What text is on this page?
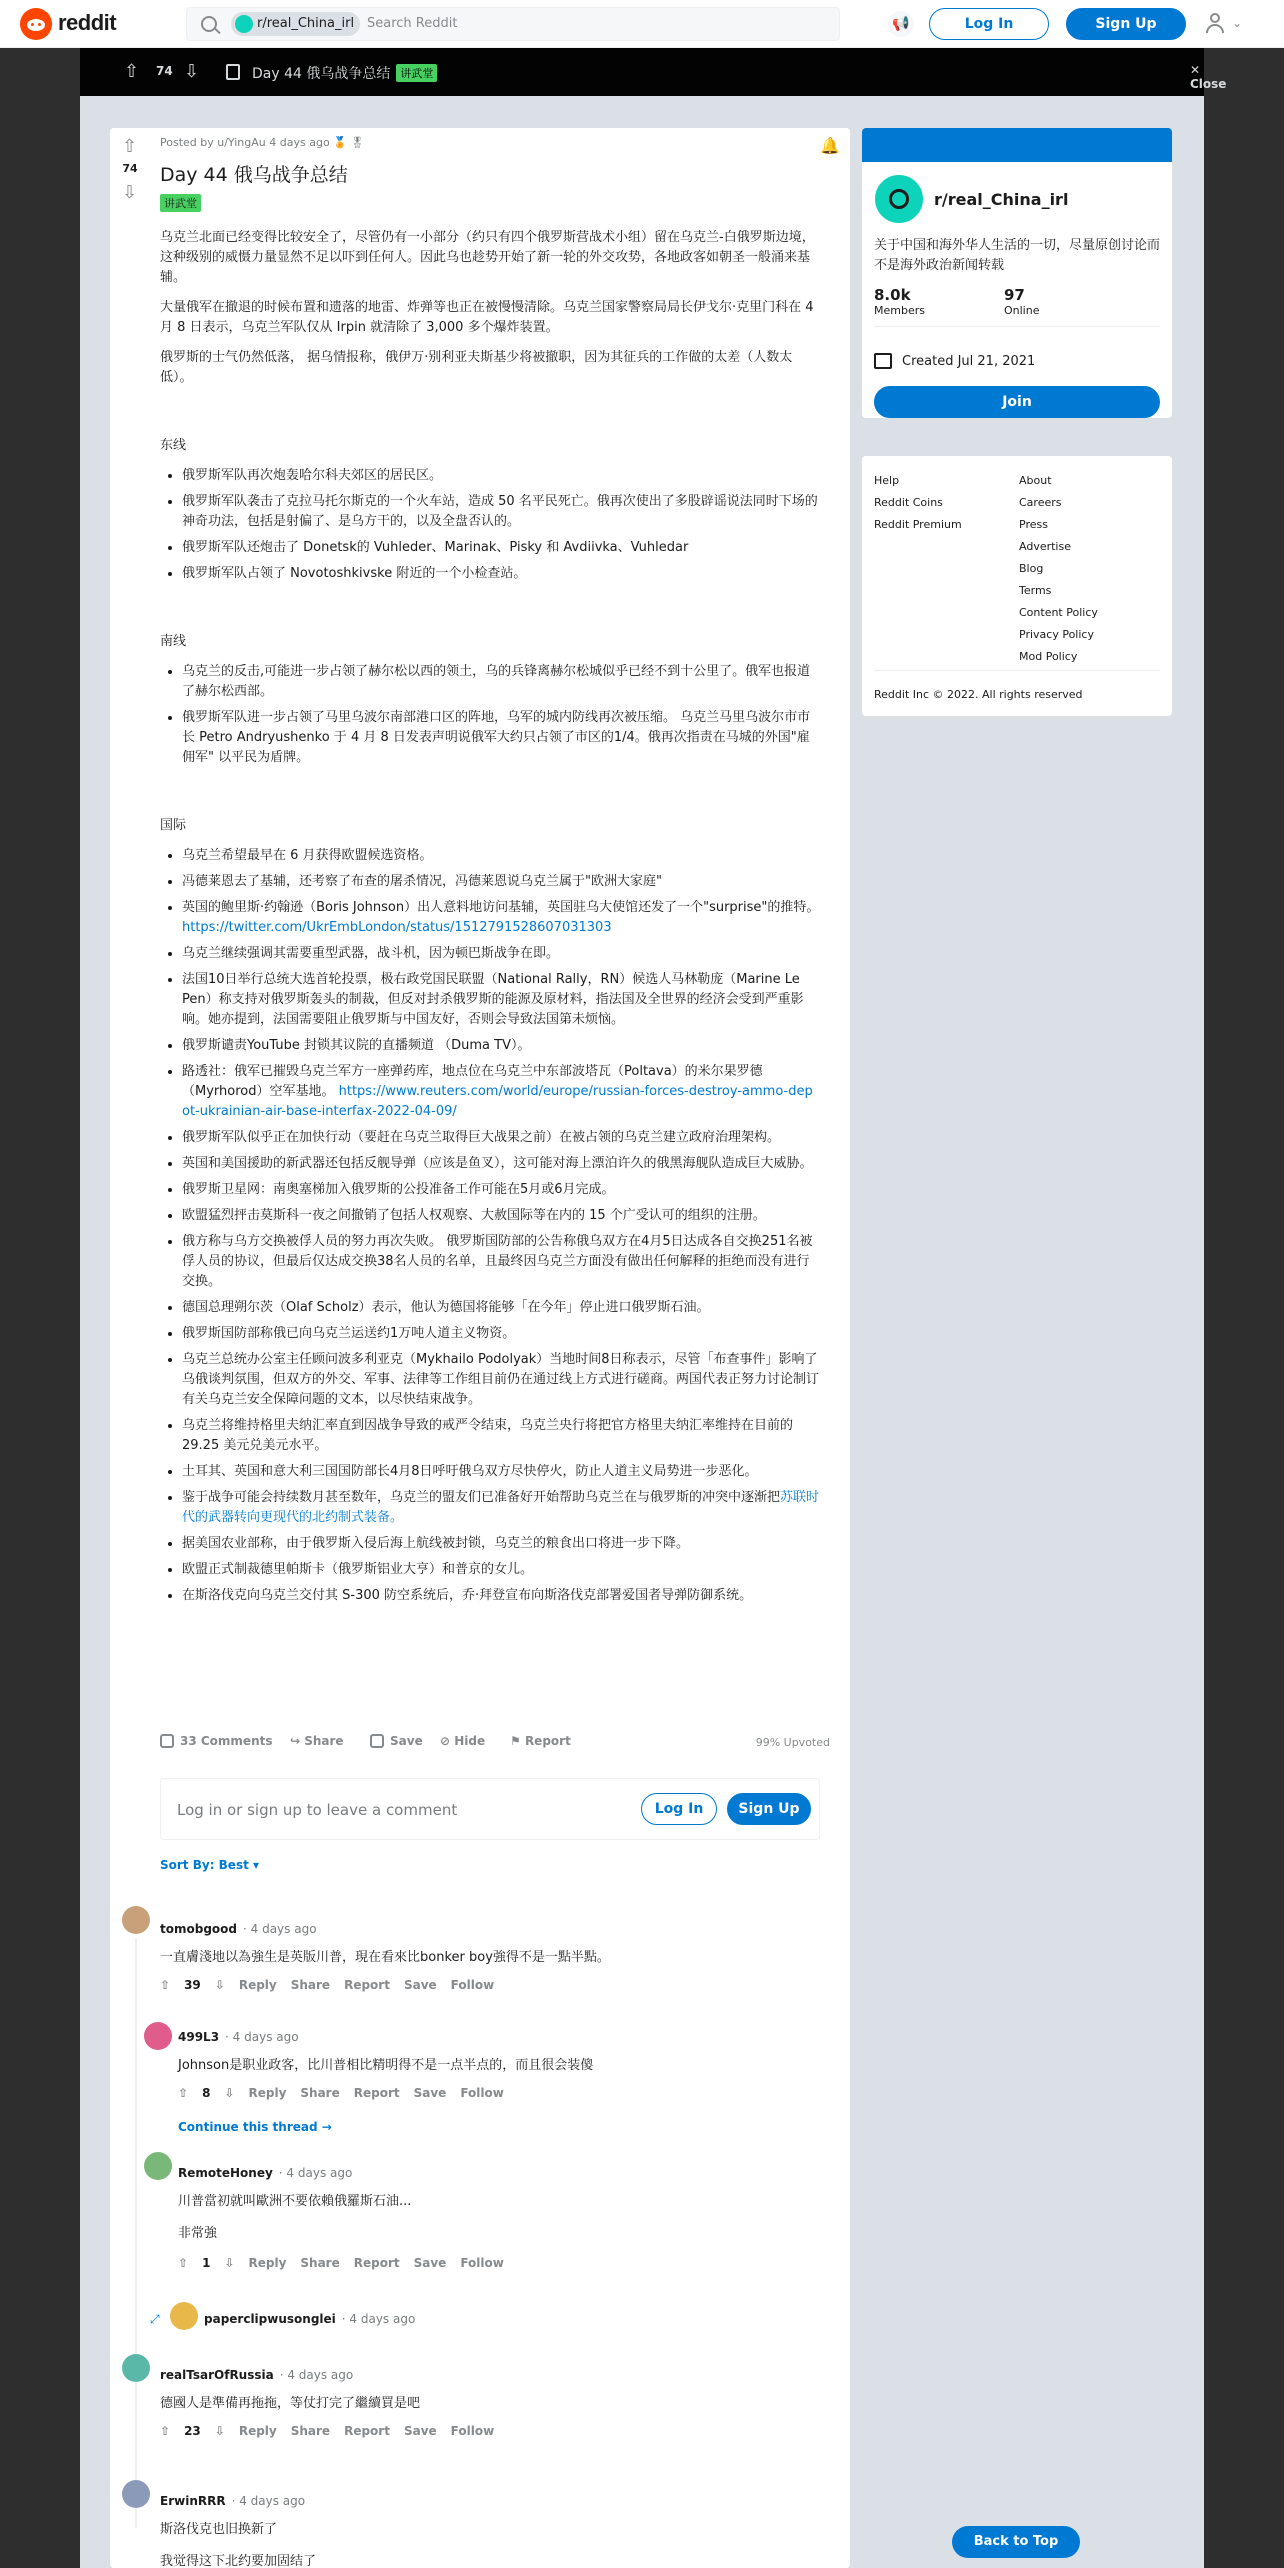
reddit	r/real_China_irl Search Reddit	📢	Log In	Sign Up	⌄
⇧ 74 ⇩	Day 44 俄乌战争总结 讲武堂	✕ Close
⇧
74
⇩
Posted by u/YingAu 4 days ago 🏅 🎖	🔔
Day 44 俄乌战争总结
讲武堂

乌克兰北面已经变得比较安全了，尽管仍有一小部分（约只有四个俄罗斯营战术小组）留在乌克兰-白俄罗斯边境，这种级别的威慑力量显然不足以吓到任何人。因此乌也趁势开始了新一轮的外交攻势，各地政客如朝圣一般涌来基辅。

大量俄军在撤退的时候布置和遗落的地雷、炸弹等也正在被慢慢清除。乌克兰国家警察局局长伊戈尔·克里门科在 4 月 8 日表示，乌克兰军队仅从 Irpin 就清除了 3,000 多个爆炸装置。

俄罗斯的士气仍然低落， 据乌情报称，俄伊万·别利亚夫斯基少将被撤职，因为其征兵的工作做的太差（人数太低）。

东线
• 俄罗斯军队再次炮轰哈尔科夫郊区的居民区。
• 俄罗斯军队袭击了克拉马托尔斯克的一个火车站，造成 50 名平民死亡。俄再次使出了多股辟谣说法同时下场的神奇功法，包括是射偏了、是乌方干的，以及全盘否认的。
• 俄罗斯军队还炮击了 Donetsk的 Vuhleder、Marinak、Pisky 和 Avdiivka、Vuhledar
• 俄罗斯军队占领了 Novotoshkivske 附近的一个小检查站。
南线
• 乌克兰的反击,可能进一步占领了赫尔松以西的领土，乌的兵锋离赫尔松城似乎已经不到十公里了。俄军也报道了赫尔松西部。
• 俄罗斯军队进一步占领了马里乌波尔南部港口区的阵地，乌军的城内防线再次被压缩。 乌克兰马里乌波尔市市长 Petro Andryushenko 于 4 月 8 日发表声明说俄军大约只占领了市区的1/4。俄再次指责在马城的外国"雇佣军" 以平民为盾牌。
国际
• 乌克兰希望最早在 6 月获得欧盟候选资格。
• 冯德莱恩去了基辅，还考察了布查的屠杀情况，冯德莱恩说乌克兰属于"欧洲大家庭"
• 英国的鲍里斯·约翰逊（Boris Johnson）出人意料地访问基辅，英国驻乌大使馆还发了一个"surprise"的推特。 https://twitter.com/UkrEmbLondon/status/1512791528607031303
• 乌克兰继续强调其需要重型武器，战斗机，因为顿巴斯战争在即。
• 法国10日举行总统大选首轮投票，极右政党国民联盟（National Rally，RN）候选人马林勒庞（Marine Le Pen）称支持对俄罗斯轰头的制裁，但反对封杀俄罗斯的能源及原材料，指法国及全世界的经济会受到严重影响。她亦提到，法国需要阻止俄罗斯与中国友好，否则会导致法国第未烦恼。
• 俄罗斯谴责YouTube 封锁其议院的直播频道 （Duma TV）。
• 路透社：俄军已摧毁乌克兰军方一座弹药库，地点位在乌克兰中东部波塔瓦（Poltava）的米尔果罗德（Myrhorod）空军基地。 https://www.reuters.com/world/europe/russian-forces-destroy-ammo-depot-ukrainian-air-base-interfax-2022-04-09/
• 俄罗斯军队似乎正在加快行动（要赶在乌克兰取得巨大战果之前）在被占领的乌克兰建立政府治理架构。
• 英国和美国援助的新武器还包括反舰导弹（应该是鱼叉），这可能对海上漂泊许久的俄黑海舰队造成巨大威胁。
• 俄罗斯卫星网：南奥塞梯加入俄罗斯的公投准备工作可能在5月或6月完成。
• 欧盟猛烈抨击莫斯科一夜之间撤销了包括人权观察、大赦国际等在内的 15 个广受认可的组织的注册。
• 俄方称与乌方交换被俘人员的努力再次失败。 俄罗斯国防部的公告称俄乌双方在4月5日达成各自交换251名被俘人员的协议，但最后仅达成交换38名人员的名单，且最终因乌克兰方面没有做出任何解释的拒绝而没有进行交换。
• 德国总理朔尔茨（Olaf Scholz）表示，他认为德国将能够「在今年」停止进口俄罗斯石油。
• 俄罗斯国防部称俄已向乌克兰运送约1万吨人道主义物资。
• 乌克兰总统办公室主任顾问波多利亚克（Mykhailo Podolyak）当地时间8日称表示，尽管「布查事件」影响了乌俄谈判氛围，但双方的外交、军事、法律等工作组目前仍在通过线上方式进行磋商。两国代表正努力讨论制订有关乌克兰安全保障问题的文本，以尽快结束战争。
• 乌克兰将维持格里夫纳汇率直到因战争导致的戒严令结束，乌克兰央行将把官方格里夫纳汇率维持在目前的 29.25 美元兑美元水平。
• 土耳其、英国和意大利三国国防部长4月8日呼吁俄乌双方尽快停火，防止人道主义局势进一步恶化。
• 鉴于战争可能会持续数月甚至数年，乌克兰的盟友们已准备好开始帮助乌克兰在与俄罗斯的冲突中逐渐把苏联时代的武器转向更现代的北约制式装备。
• 据美国农业部称，由于俄罗斯入侵后海上航线被封锁，乌克兰的粮食出口将进一步下降。
• 欧盟正式制裁德里帕斯卡（俄罗斯铝业大亨）和普京的女儿。
• 在斯洛伐克向乌克兰交付其 S-300 防空系统后，乔·拜登宣布向斯洛伐克部署爱国者导弹防御系统。
33 Comments ↪ Share	Save ⊘ Hide ⚑ Report	99% Upvoted
Log in or sign up to leave a comment	Log In	Sign Up
Sort By: Best ▾
tomobgood · 4 days ago
一直膚淺地以為強生是英版川普，現在看來比bonker boy強得不是一點半點。
⇧ 39 ⇩ Reply Share Report Save Follow
499L3 · 4 days ago
Johnson是职业政客，比川普相比精明得不是一点半点的，而且很会装傻
⇧ 8 ⇩ Reply Share Report Save Follow
Continue this thread →
RemoteHoney · 4 days ago
川普當初就叫歐洲不要依賴俄羅斯石油...
非常強
⇧ 1 ⇩ Reply Share Report Save Follow
⤢	paperclipwusonglei · 4 days ago
realTsarOfRussia · 4 days ago
德國人是準備再拖拖，等仗打完了繼續買是吧
⇧ 23 ⇩ Reply Share Report Save Follow
ErwinRRR · 4 days ago
斯洛伐克也旧换新了
我觉得这下北约要加固结了
r/real_China_irl
关于中国和海外华人生活的一切，尽量原创讨论而不是海外政治新闻转载
8.0k
Members
97
Online
Created Jul 21, 2021
Join
Help
Reddit Coins
Reddit Premium
About
Careers
Press
Advertise
Blog
Terms
Content Policy
Privacy Policy
Mod Policy
Reddit Inc © 2022. All rights reserved
Back to Top
